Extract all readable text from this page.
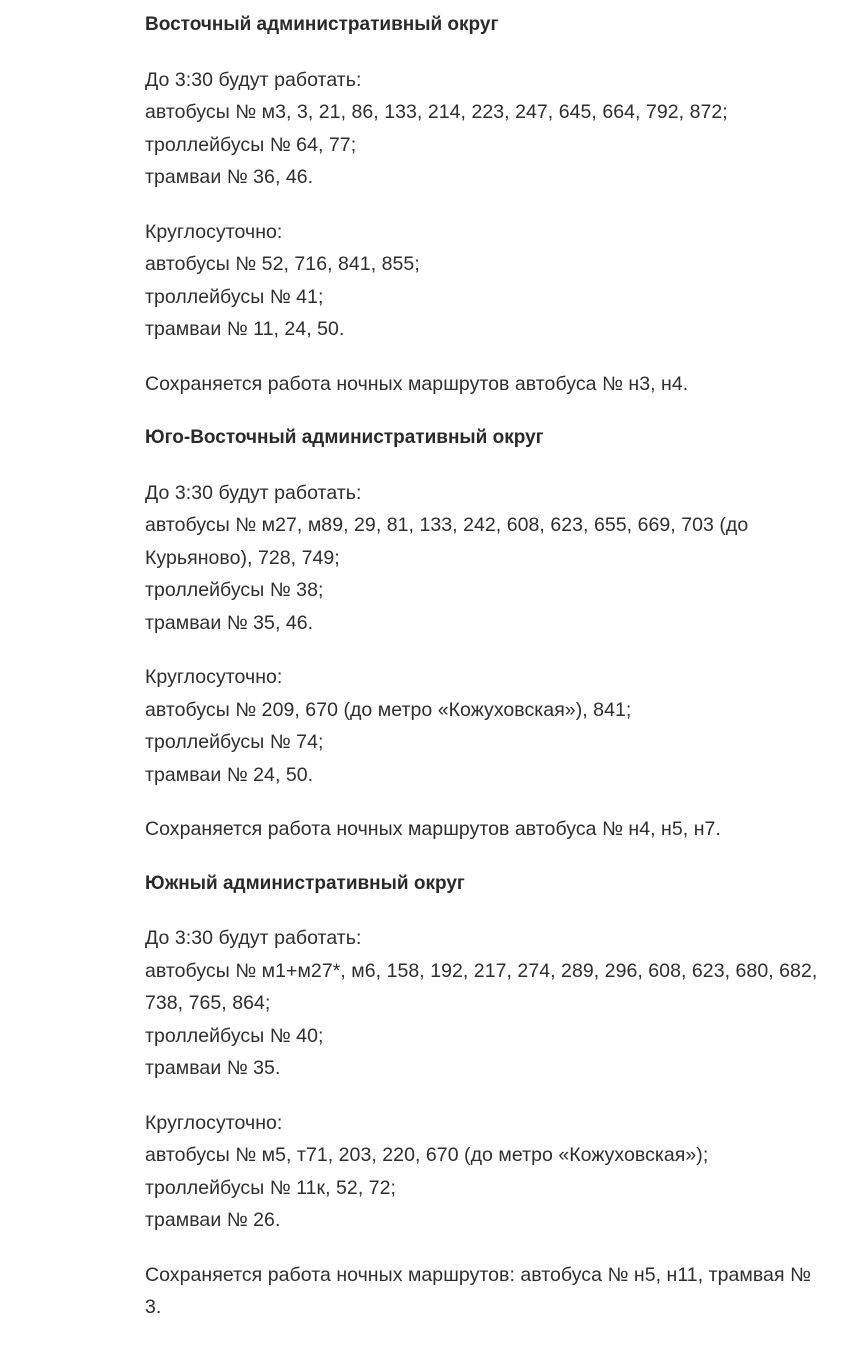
Восточный административный округ

До 3:30 будут работать:
автобусы № м3, 3, 21, 86, 133, 214, 223, 247, 645, 664, 792, 872;
троллейбусы № 64, 77;
трамваи № 36, 46.

Круглосуточно:
автобусы № 52, 716, 841, 855;
троллейбусы № 41;
трамваи № 11, 24, 50.

Сохраняется работа ночных маршрутов автобуса № н3, н4.

Юго-Восточный административный округ

До 3:30 будут работать:
автобусы № м27, м89, 29, 81, 133, 242, 608, 623, 655, 669, 703 (до Курьяново), 728, 749;
троллейбусы № 38;
трамваи № 35, 46.

Круглосуточно:
автобусы № 209, 670 (до метро «Кожуховская»), 841;
троллейбусы № 74;
трамваи № 24, 50.

Сохраняется работа ночных маршрутов автобуса № н4, н5, н7.

Южный административный округ

До 3:30 будут работать:
автобусы № м1+м27*, м6, 158, 192, 217, 274, 289, 296, 608, 623, 680, 682, 738, 765, 864;
троллейбусы № 40;
трамваи № 35.

Круглосуточно:
автобусы № м5, т71, 203, 220, 670 (до метро «Кожуховская»);
троллейбусы № 11к, 52, 72;
трамваи № 26.

Сохраняется работа ночных маршрутов: автобуса № н5, н11, трамвая № 3.
